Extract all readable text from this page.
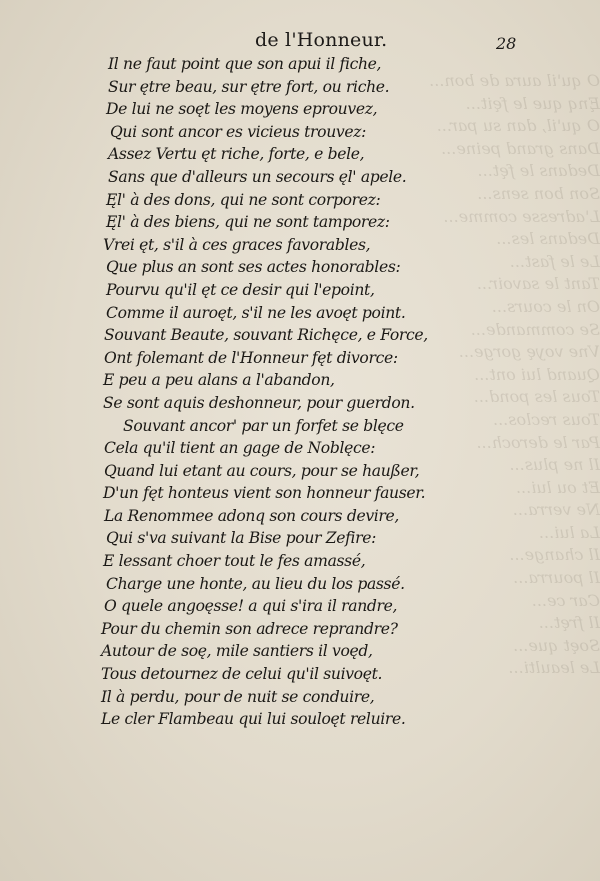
O qu'il aura de bon...
Ęnq que le fęit...
O qu'il, dan su par...
Dans grand peine...
Dedans le fęt...
Son bon sens...
L'adresse comme...
Dedans les...
Le le fast...
Tant le savoir...
On le cours...
Se commande...
Vne voyę gorge...
Quand lui ont...
Tous les pond...
Tous reclos...
Par le deroch...
Il ne plus...
Et ou lui...
Ne verra...
La lui...
Il change...
Il pourra...
Car ce...
Il fręt...
Soęt que...
Le leaulti...
de l'Honneur.	28
Il ne faut point que son apui il fiche,
Sur ętre beau, sur ętre fort, ou riche.
De lui ne soęt les moyens eprouvez,
Qui sont ancor es vicieus trouvez:
Assez Vertu ęt riche, forte, e bele,
Sans que d'alleurs un secours ęl' apele.
Ęl' à des dons, qui ne sont corporez:
Ęl' à des biens, qui ne sont tamporez:
Vrei ęt, s'il à ces graces favorables,
Que plus an sont ses actes honorables:
Pourvu qu'il ęt ce desir qui l'epoint,
Comme il auroęt, s'il ne les avoęt point.
Souvant Beaute, souvant Richęce, e Force,
Ont folemant de l'Honneur fęt divorce:
E peu a peu alans a l'abandon,
Se sont aquis deshonneur, pour guerdon.
Souvant ancor' par un forfet se blęce
Cela qu'il tient an gage de Noblęce:
Quand lui etant au cours, pour se haußer,
D'un fęt honteus vient son honneur fauser.
La Renommee adonq son cours devire,
Qui s'va suivant la Bise pour Zefire:
E lessant choer tout le fes amassé,
Charge une honte, au lieu du los passé.
O quele angoęsse! a qui s'ira il randre,
Pour du chemin son adrece reprandre?
Autour de soę, mile santiers il voęd,
Tous detournez de celui qu'il suivoęt.
Il à perdu, pour de nuit se conduire,
Le cler Flambeau qui lui souloęt reluire.
